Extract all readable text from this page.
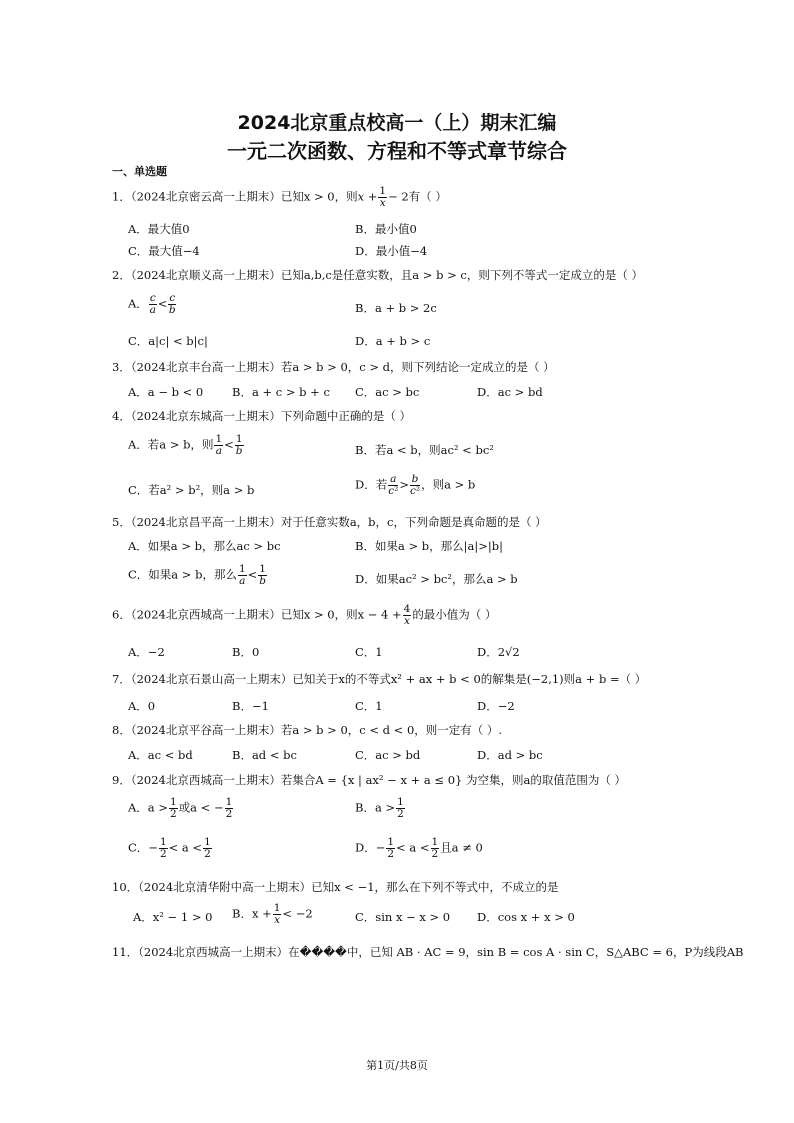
2024北京重点校高一（上）期末汇编
一元二次函数、方程和不等式章节综合
一、单选题
1．（2024北京密云高一上期末）已知x > 0，则$x + \frac{1}{x} - 2$有（ ）
A．最大值0	B．最小值0
C．最大值−4	D．最小值−4
2．（2024北京顺义高一上期末）已知a,b,c是任意实数，且a > b > c，则下列不等式一定成立的是（ ）
A． $\frac{c}{a} < \frac{c}{b}$	B．a + b > 2c
C．a|c| < b|c|	D．a + b > c
3．（2024北京丰台高一上期末）若a > b > 0，c > d，则下列结论一定成立的是（ ）
A．a − b < 0	B．a + c > b + c C．ac > bc	D．ac > bd
4．（2024北京东城高一上期末）下列命题中正确的是（ ）
A．若a > b，则 $\frac{1}{a} < \frac{1}{b}$	B．若a < b，则ac² < bc²
C．若a² > b²，则a > b	D．若 $\frac{a}{\text{c²}} > \frac{b}{\text{c²}}$ ，则a > b
5．（2024北京昌平高一上期末）对于任意实数a，b，c，下列命题是真命题的是（ ）
A．如果a > b，那么ac > bc	B．如果a > b，那么|a|>|b|
C．如果a > b，那么 $\frac{1}{a} < \frac{1}{b}$	D．如果ac² > bc²，那么a > b
6．（2024北京西城高一上期末）已知x > 0，则$x - 4 + \frac{4}{x}$ 的最小值为（ ）
A．−2	B．0	C．1	D．2√2
7．（2024北京石景山高一上期末）已知关于x的不等式x² + ax + b < 0的解集是(−2,1)则a + b =（ ）
A．0	B．−1	C．1	D．−2
8．（2024北京平谷高一上期末）若a > b > 0，c < d < 0，则一定有（ ）.
A．ac < bd	B．ad < bc	C．ac > bd	D．ad > bc
9．（2024北京西城高一上期末）若集合A = {x | ax² − x + a ≤ 0} 为空集，则a的取值范围为（ ）
A．$a > \frac{1}{2}$ 或a < − $\frac{1}{2}$	B．$a > \frac{1}{2}$
C．− $\frac{1}{2} < a < \frac{1}{2}$	D．− $\frac{1}{2} < a < \frac{1}{2}$ 且a ≠ 0
10．（2024北京清华附中高一上期末）已知x < −1，那么在下列不等式中，不成立的是
A．x² − 1 > 0 B．$x + \frac{1}{x} < -2$	C．sin x − x > 0 D．cos x + x > 0
11．（2024北京西城高一上期末）在����中，已知 AB · AC = 9，sin B = cos A · sin C，S△ABC = 6，P为线段AB
第1页/共8页
